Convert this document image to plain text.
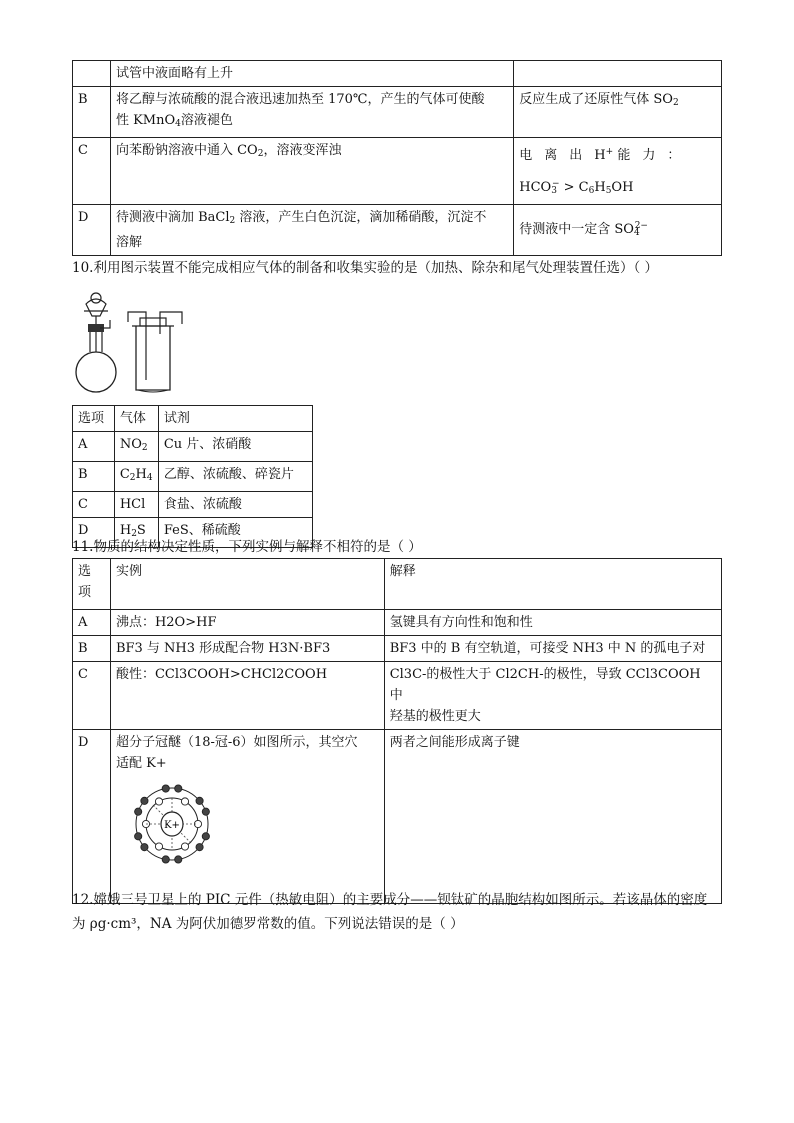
	试管中液面略有上升	
B	将乙醇与浓硫酸的混合液迅速加热至 170℃，产生的气体可使酸
性 KMnO$_4$溶液褪色	反应生成了还原性气体 $SO_2$
C	向苯酚钠溶液中通入 $CO_2$，溶液变浑浊	电离出H+ 能力：
$HCO_3^- > C_6H_5OH$

D	待测液中滴加 BaCl$_2$ 溶液，产生白色沉淀，滴加稀硝酸，沉淀不
溶解	待测液中一定含 $SO_4^{2-}$
10.利用图示装置不能完成相应气体的制备和收集实验的是（加热、除杂和尾气处理装置任选）（ ）
选项	气体	试剂
A	$NO_2$	Cu 片、浓硝酸
B	$C_2H_4$	乙醇、浓硫酸、碎瓷片
C	HCl	食盐、浓硫酸
D	$H_2S$	FeS、稀硫酸
11.物质的结构决定性质，下列实例与解释不相符的是（ ）
选
项	实例	解释
A	沸点：H2O>HF	氢键具有方向性和饱和性
B	BF3 与 NH3 形成配合物 H3N·BF3	BF3 中的 B 有空轨道，可接受 NH3 中 N 的孤电子对
C	酸性：CCl3COOH>CHCl2COOH	Cl3C-的极性大于 Cl2CH-的极性，导致 CCl3COOH 中
羟基的极性更大
D	超分子冠醚（18-冠-6）如图所示，其空穴
适配 K+	两者之间能形成离子键
K+
12.嫦娥三号卫星上的 PIC 元件（热敏电阻）的主要成分——钡钛矿的晶胞结构如图所示。若该晶体的密度
为 ρg·cm³，NA 为阿伏加德罗常数的值。下列说法错误的是（ ）
